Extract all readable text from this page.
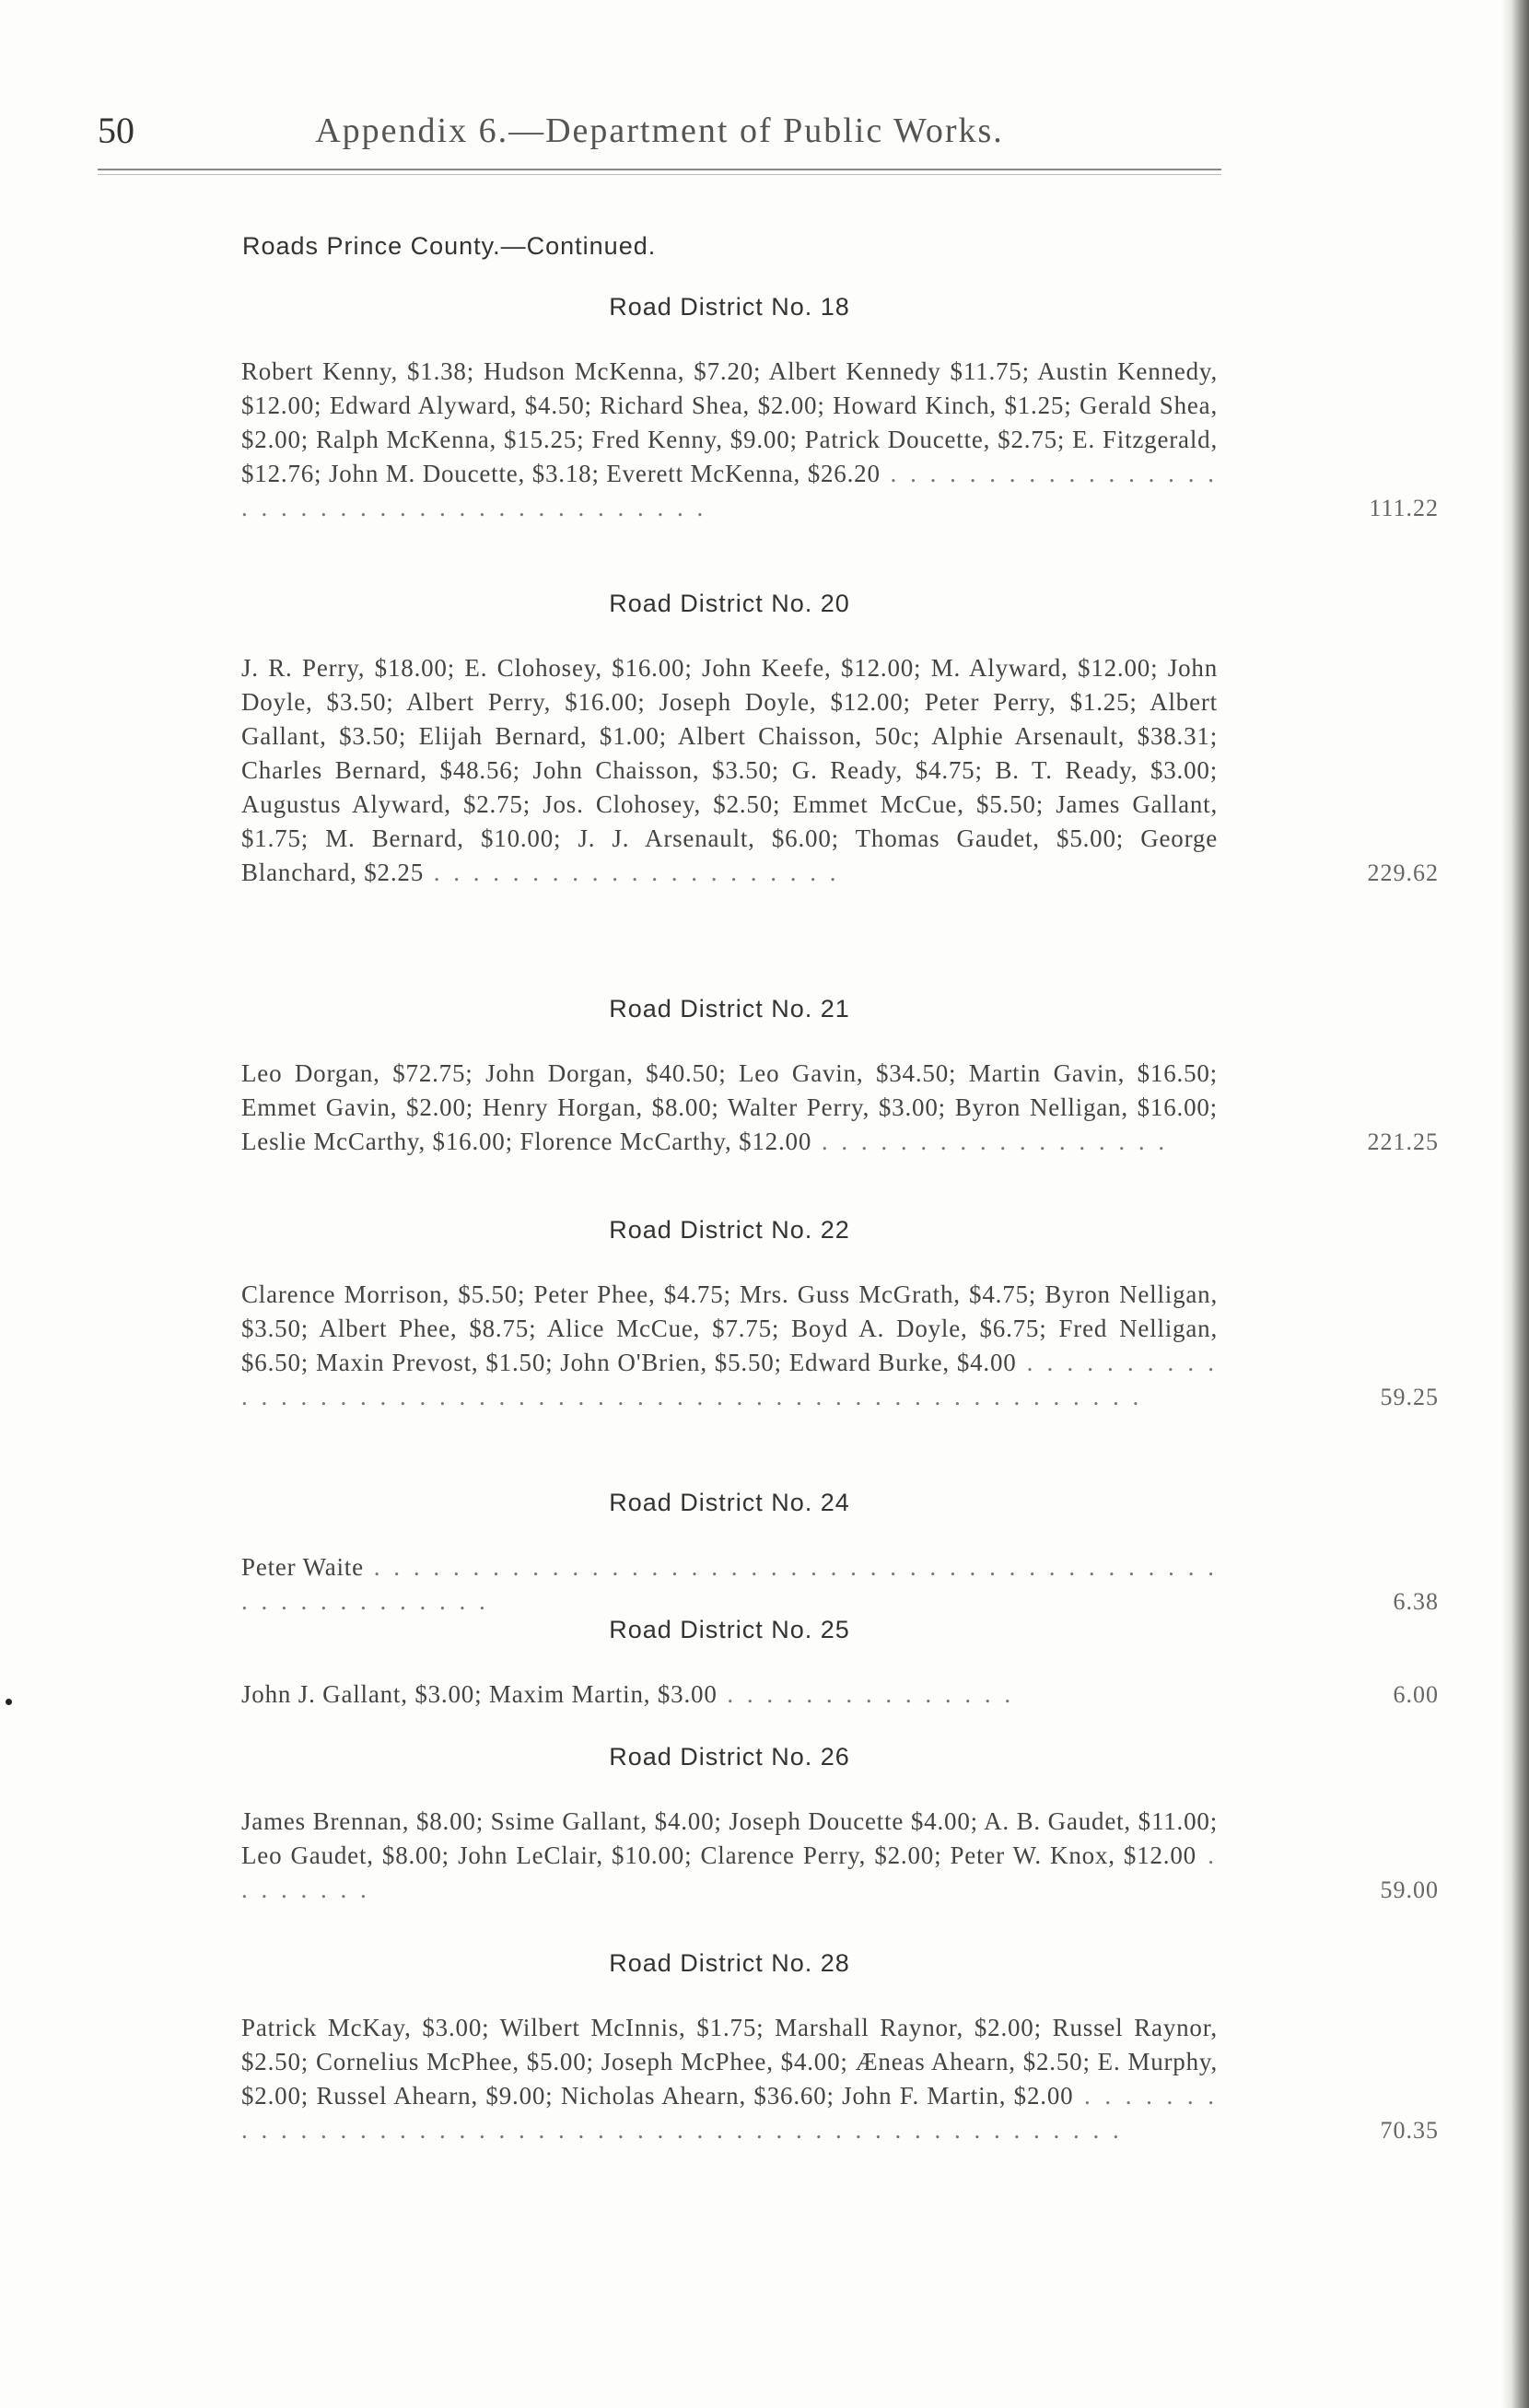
50	Appendix 6.—Department of Public Works.
Roads Prince County.—Continued.
Road District No. 18
Robert Kenny, $1.38; Hudson McKenna, $7.20; Albert Kennedy $11.75; Austin Kennedy, $12.00; Edward Alyward, $4.50; Richard Shea, $2.00; Howard Kinch, $1.25; Gerald Shea, $2.00; Ralph McKenna, $15.25; Fred Kenny, $9.00; Patrick Doucette, $2.75; E. Fitzgerald, $12.76; John M. Doucette, $3.18; Everett McKenna, $26.20 . . . . . . . . . . . . . . . . . . . . . . . . . . . . . . . . . . . . . . . . .	111.22
Road District No. 20
J. R. Perry, $18.00; E. Clohosey, $16.00; John Keefe, $12.00; M. Alyward, $12.00; John Doyle, $3.50; Albert Perry, $16.00; Joseph Doyle, $12.00; Peter Perry, $1.25; Albert Gallant, $3.50; Elijah Bernard, $1.00; Albert Chaisson, 50c; Alphie Arsenault, $38.31; Charles Bernard, $48.56; John Chaisson, $3.50; G. Ready, $4.75; B. T. Ready, $3.00; Augustus Alyward, $2.75; Jos. Clohosey, $2.50; Emmet McCue, $5.50; James Gallant, $1.75; M. Bernard, $10.00; J. J. Arsenault, $6.00; Thomas Gaudet, $5.00; George Blanchard, $2.25 . . . . . . . . . . . . . . . . . . . . .	229.62
Road District No. 21
Leo Dorgan, $72.75; John Dorgan, $40.50; Leo Gavin, $34.50; Martin Gavin, $16.50; Emmet Gavin, $2.00; Henry Horgan, $8.00; Walter Perry, $3.00; Byron Nelligan, $16.00; Leslie McCarthy, $16.00; Florence McCarthy, $12.00 . . . . . . . . . . . . . . . . . .	221.25
Road District No. 22
Clarence Morrison, $5.50; Peter Phee, $4.75; Mrs. Guss McGrath, $4.75; Byron Nelligan, $3.50; Albert Phee, $8.75; Alice McCue, $7.75; Boyd A. Doyle, $6.75; Fred Nelligan, $6.50; Maxin Prevost, $1.50; John O'Brien, $5.50; Edward Burke, $4.00 . . . . . . . . . . . . . . . . . . . . . . . . . . . . . . . . . . . . . . . . . . . . . . . . . . . . . . . .	59.25
Road District No. 24
Peter Waite . . . . . . . . . . . . . . . . . . . . . . . . . . . . . . . . . . . . . . . . . . . . . . . . . . . . . . . .	6.38
Road District No. 25
John J. Gallant, $3.00; Maxim Martin, $3.00 . . . . . . . . . . . . . . .	6.00
Road District No. 26
James Brennan, $8.00; Ssime Gallant, $4.00; Joseph Doucette $4.00; A. B. Gaudet, $11.00; Leo Gaudet, $8.00; John LeClair, $10.00; Clarence Perry, $2.00; Peter W. Knox, $12.00 . . . . . . . .	59.00
Road District No. 28
Patrick McKay, $3.00; Wilbert McInnis, $1.75; Marshall Raynor, $2.00; Russel Raynor, $2.50; Cornelius McPhee, $5.00; Joseph McPhee, $4.00; Æneas Ahearn, $2.50; E. Murphy, $2.00; Russel Ahearn, $9.00; Nicholas Ahearn, $36.60; John F. Martin, $2.00 . . . . . . . . . . . . . . . . . . . . . . . . . . . . . . . . . . . . . . . . . . . . . . . . . . . .	70.35
